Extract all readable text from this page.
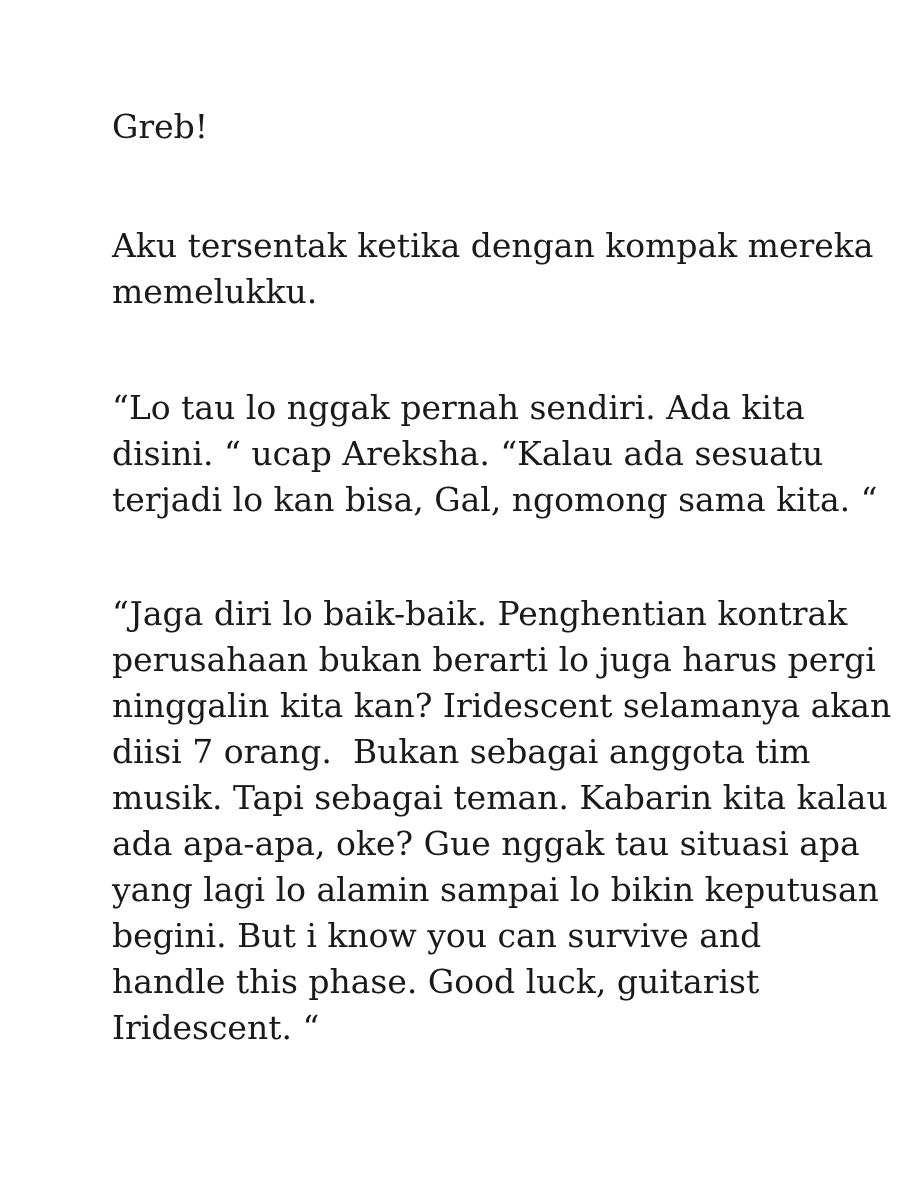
Greb!

Aku tersentak ketika dengan kompak mereka
memelukku.

“Lo tau lo nggak pernah sendiri. Ada kita
disini. “ ucap Areksha. “Kalau ada sesuatu
terjadi lo kan bisa, Gal, ngomong sama kita. “

“Jaga diri lo baik-baik. Penghentian kontrak
perusahaan bukan berarti lo juga harus pergi
ninggalin kita kan? Iridescent selamanya akan
diisi 7 orang.  Bukan sebagai anggota tim
musik. Tapi sebagai teman. Kabarin kita kalau
ada apa-apa, oke? Gue nggak tau situasi apa
yang lagi lo alamin sampai lo bikin keputusan
begini. But i know you can survive and
handle this phase. Good luck, guitarist
Iridescent. “
